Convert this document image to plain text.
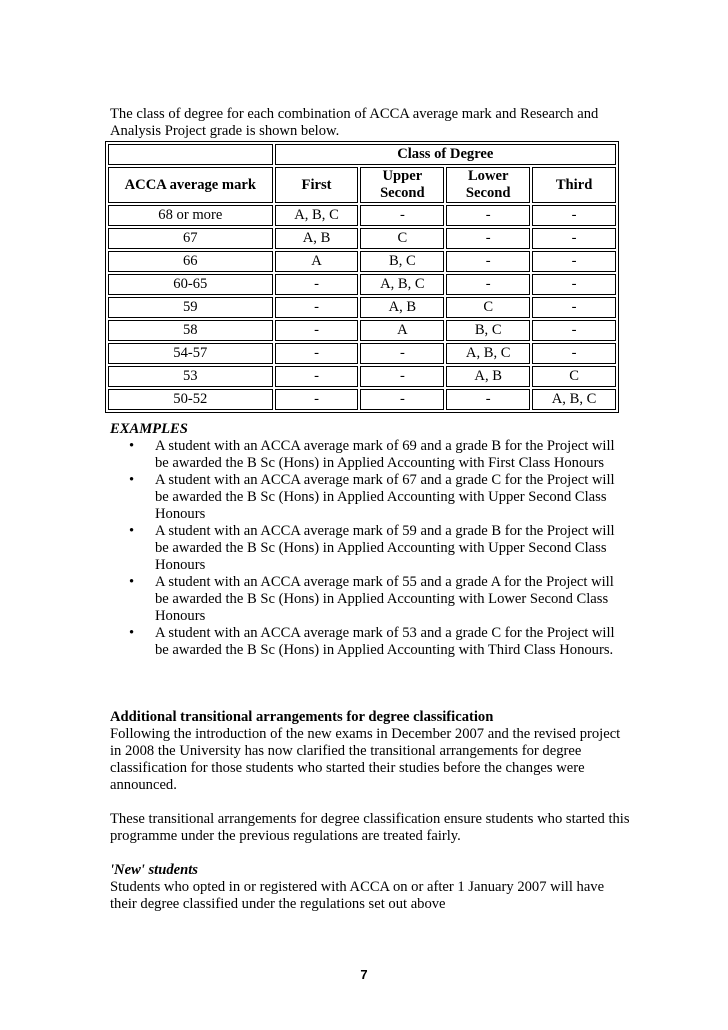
The class of degree for each combination of ACCA average mark and Research and Analysis Project grade is shown below.
	Class of Degree			
ACCA average mark	First	Upper Second	Lower Second	Third
68 or more	A, B, C	-	-	-
67	A, B	C	-	-
66	A	B, C	-	-
60-65	-	A, B, C	-	-
59	-	A, B	C	-
58	-	A	B, C	-
54-57	-	-	A, B, C	-
53	-	-	A, B	C
50-52	-	-	-	A, B, C
EXAMPLES
• A student with an ACCA average mark of 69 and a grade B for the Project will be awarded the B Sc (Hons) in Applied Accounting with First Class Honours
• A student with an ACCA average mark of 67 and a grade C for the Project will be awarded the B Sc (Hons) in Applied Accounting with Upper Second Class Honours
• A student with an ACCA average mark of 59 and a grade B for the Project will be awarded the B Sc (Hons) in Applied Accounting with Upper Second Class Honours
• A student with an ACCA average mark of 55 and a grade A for the Project will be awarded the B Sc (Hons) in Applied Accounting with Lower Second Class Honours
• A student with an ACCA average mark of 53 and a grade C for the Project will be awarded the B Sc (Hons) in Applied Accounting with Third Class Honours.
Additional transitional arrangements for degree classification

Following the introduction of the new exams in December 2007 and the revised project in 2008 the University has now clarified the transitional arrangements for degree classification for those students who started their studies before the changes were announced.

These transitional arrangements for degree classification ensure students who started this programme under the previous regulations are treated fairly.

'New' students

Students who opted in or registered with ACCA on or after 1 January 2007 will have their degree classified under the regulations set out above

7
